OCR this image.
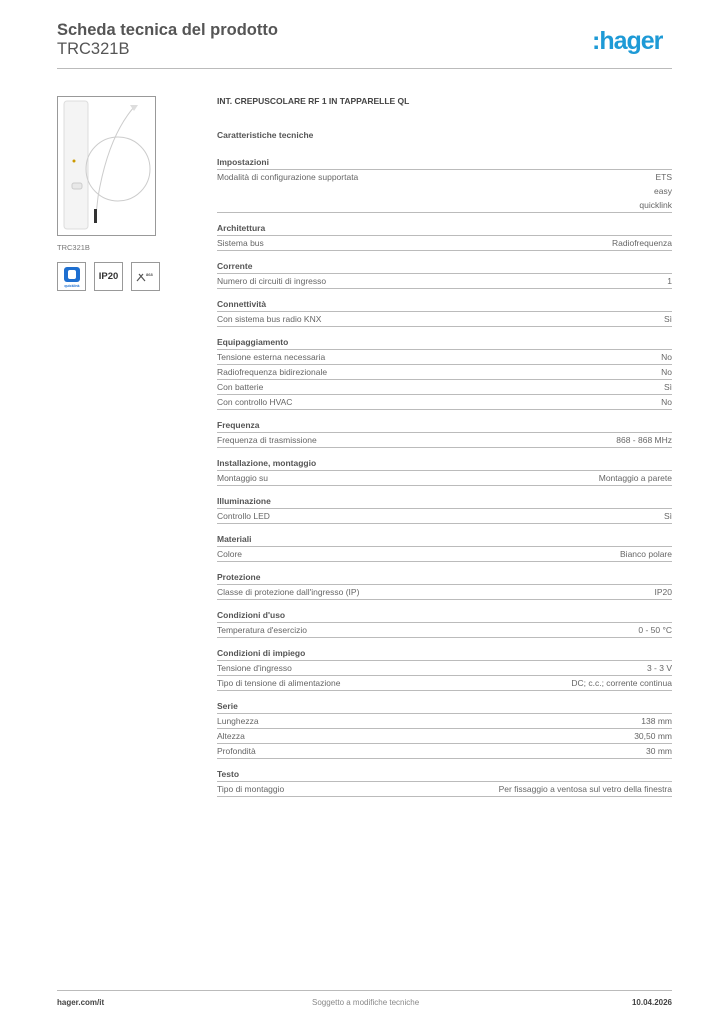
Scheda tecnica del prodotto
TRC321B	:hager
TRC321B
quicklink
IP20	868
INT. CREPUSCOLARE RF 1 IN TAPPARELLE QL
Caratteristiche tecniche
Impostazioni
Modalità di configurazione supportata	ETS
easy
quicklink
Architettura
Sistema bus	Radiofrequenza
Corrente
Numero di circuiti di ingresso	1
Connettività
Con sistema bus radio KNX	Sì
Equipaggiamento
Tensione esterna necessaria	No
Radiofrequenza bidirezionale	No
Con batterie	Sì
Con controllo HVAC	No
Frequenza
Frequenza di trasmissione	868 - 868 MHz
Installazione, montaggio
Montaggio su	Montaggio a parete
Illuminazione
Controllo LED	Sì
Materiali
Colore	Bianco polare
Protezione
Classe di protezione dall'ingresso (IP)	IP20
Condizioni d'uso
Temperatura d'esercizio	0 - 50 °C
Condizioni di impiego
Tensione d'ingresso	3 - 3 V
Tipo di tensione di alimentazione	DC; c.c.; corrente continua
Serie
Lunghezza	138 mm
Altezza	30,50 mm
Profondità	30 mm
Testo
Tipo di montaggio	Per fissaggio a ventosa sul vetro della finestra
hager.com/it	Soggetto a modifiche tecniche	10.04.2026
